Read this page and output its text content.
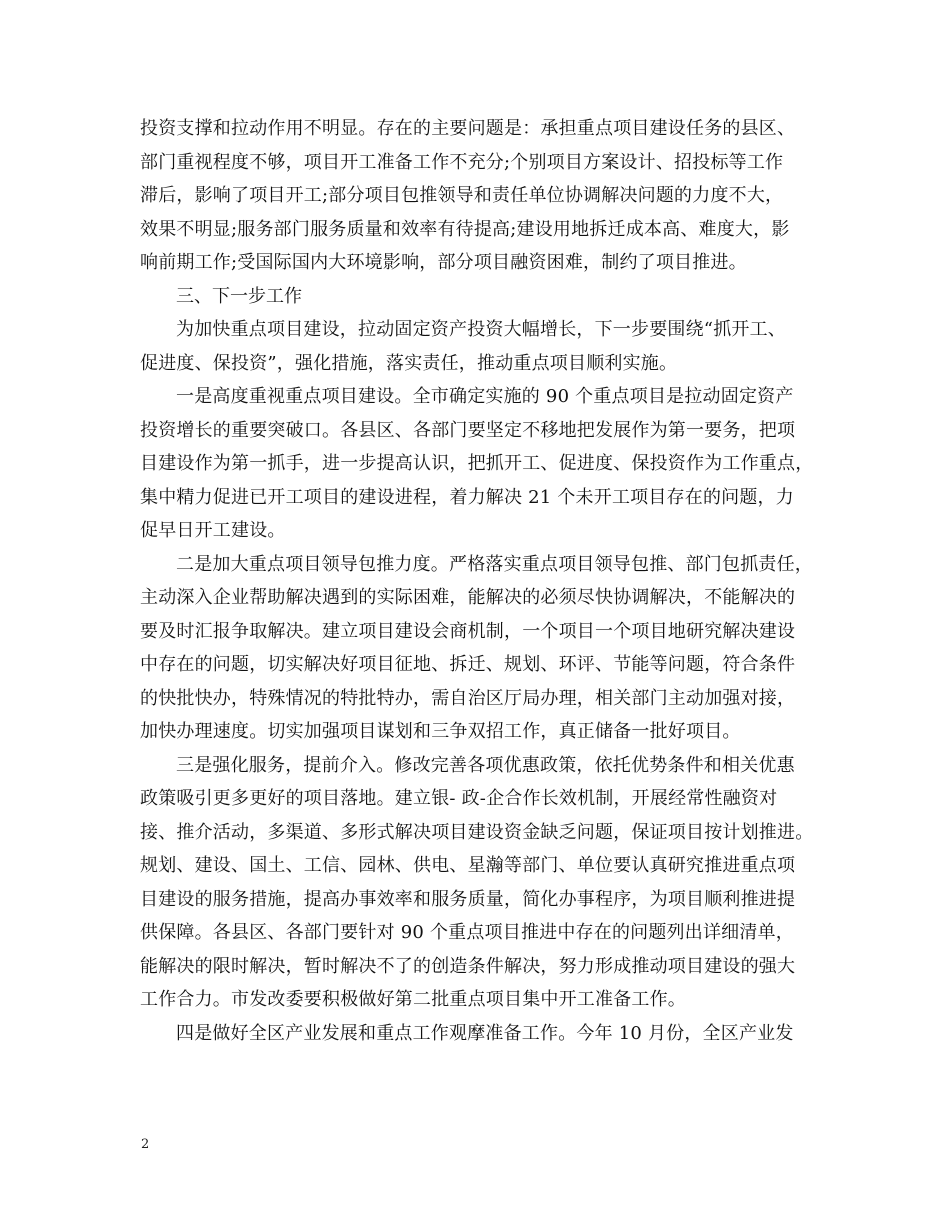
投资支撑和拉动作用不明显。存在的主要问题是：承担重点项目建设任务的县区、
部门重视程度不够，项目开工准备工作不充分;个别项目方案设计、招投标等工作
滞后，影响了项目开工;部分项目包推领导和责任单位协调解决问题的力度不大，
效果不明显;服务部门服务质量和效率有待提高;建设用地拆迁成本高、难度大，影
响前期工作;受国际国内大环境影响，部分项目融资困难，制约了项目推进。

三、下一步工作

为加快重点项目建设，拉动固定资产投资大幅增长，下一步要围绕“抓开工、
促进度、保投资”，强化措施，落实责任，推动重点项目顺利实施。

一是高度重视重点项目建设。全市确定实施的 90 个重点项目是拉动固定资产
投资增长的重要突破口。各县区、各部门要坚定不移地把发展作为第一要务，把项
目建设作为第一抓手，进一步提高认识，把抓开工、促进度、保投资作为工作重点，
集中精力促进已开工项目的建设进程，着力解决 21 个未开工项目存在的问题，力
促早日开工建设。

二是加大重点项目领导包推力度。严格落实重点项目领导包推、部门包抓责任，
主动深入企业帮助解决遇到的实际困难，能解决的必须尽快协调解决，不能解决的
要及时汇报争取解决。建立项目建设会商机制，一个项目一个项目地研究解决建设
中存在的问题，切实解决好项目征地、拆迁、规划、环评、节能等问题，符合条件
的快批快办，特殊情况的特批特办，需自治区厅局办理，相关部门主动加强对接，
加快办理速度。切实加强项目谋划和三争双招工作，真正储备一批好项目。

三是强化服务，提前介入。修改完善各项优惠政策，依托优势条件和相关优惠
政策吸引更多更好的项目落地。建立银- 政-企合作长效机制，开展经常性融资对
接、推介活动，多渠道、多形式解决项目建设资金缺乏问题，保证项目按计划推进。
规划、建设、国土、工信、园林、供电、星瀚等部门、单位要认真研究推进重点项
目建设的服务措施，提高办事效率和服务质量，简化办事程序，为项目顺利推进提
供保障。各县区、各部门要针对 90 个重点项目推进中存在的问题列出详细清单，
能解决的限时解决，暂时解决不了的创造条件解决，努力形成推动项目建设的强大
工作合力。市发改委要积极做好第二批重点项目集中开工准备工作。

四是做好全区产业发展和重点工作观摩准备工作。今年 10 月份，全区产业发

2
